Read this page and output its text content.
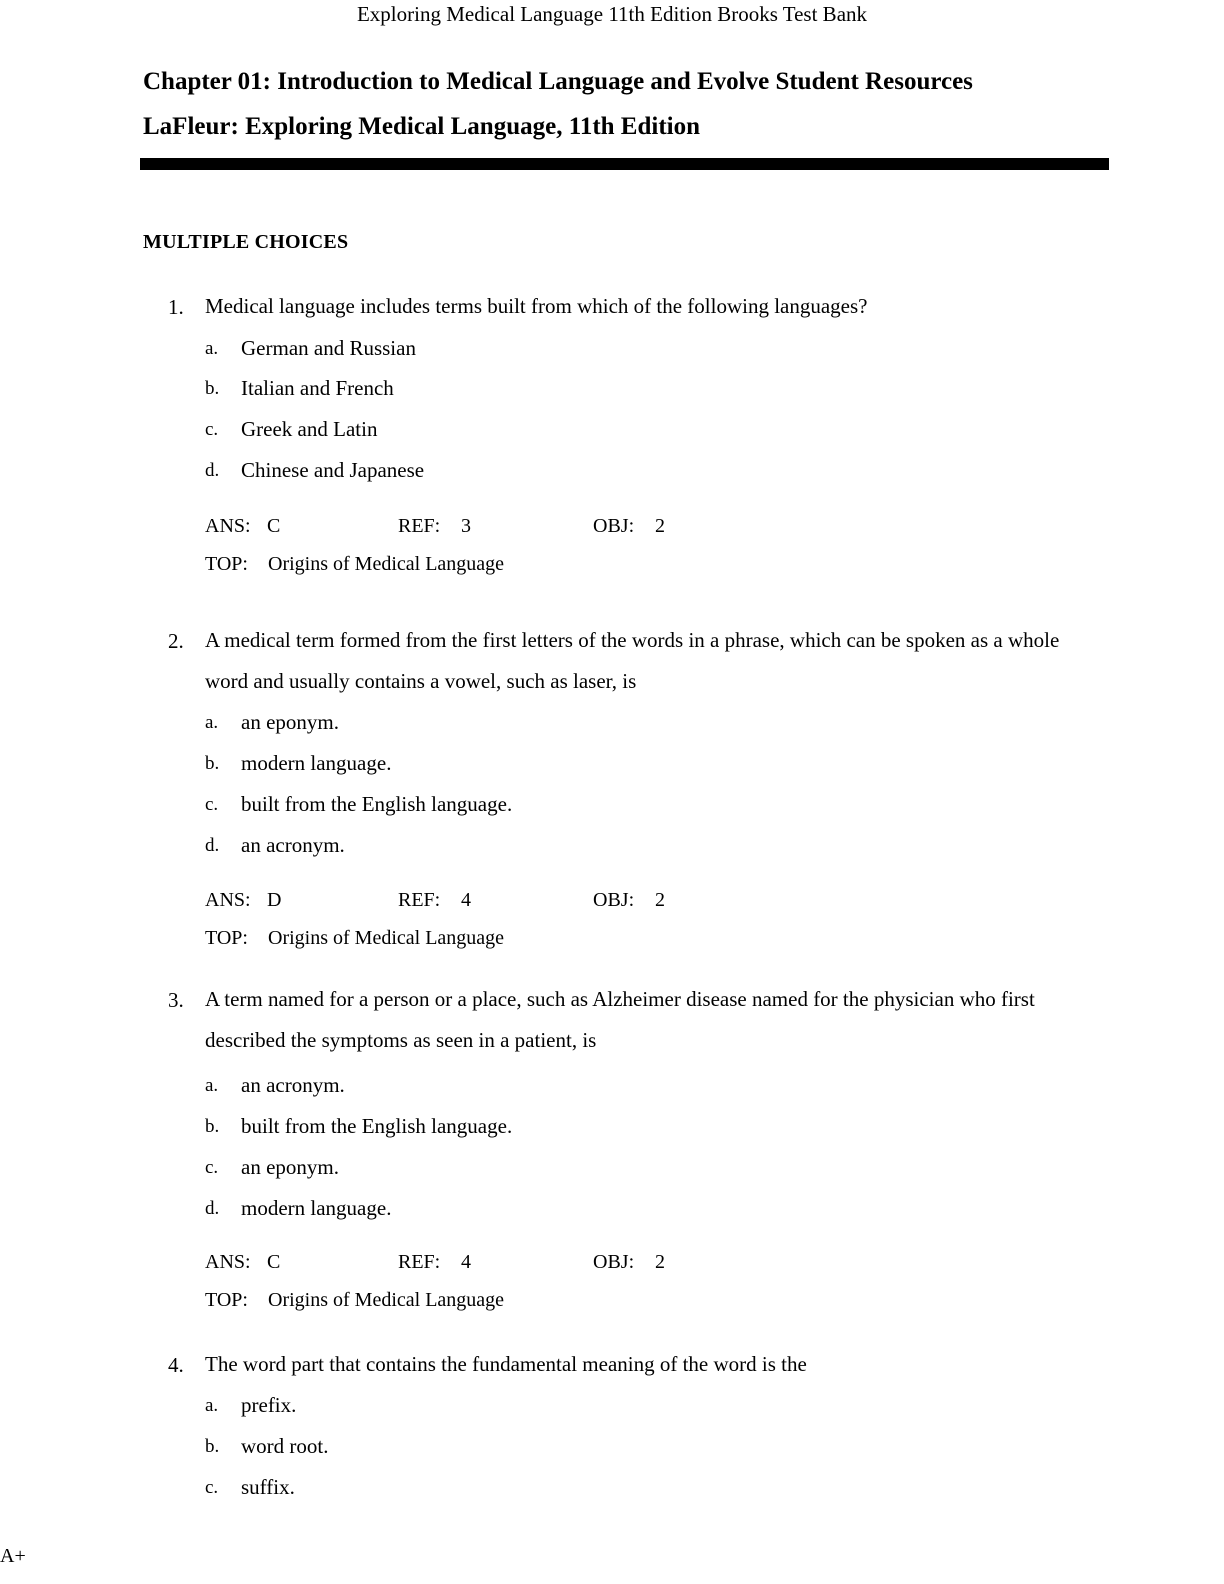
Exploring Medical Language 11th Edition Brooks Test Bank
Chapter 01: Introduction to Medical Language and Evolve Student Resources
LaFleur: Exploring Medical Language, 11th Edition
MULTIPLE CHOICES
1. Medical language includes terms built from which of the following languages?
a. German and Russian
b. Italian and French
c. Greek and Latin
d. Chinese and Japanese
ANS: C	REF: 3	OBJ: 2
TOP: Origins of Medical Language
2. A medical term formed from the first letters of the words in a phrase, which can be spoken as a whole word and usually contains a vowel, such as laser, is
a. an eponym.
b. modern language.
c. built from the English language.
d. an acronym.
ANS: D	REF: 4	OBJ: 2
TOP: Origins of Medical Language
3. A term named for a person or a place, such as Alzheimer disease named for the physician who first described the symptoms as seen in a patient, is
a. an acronym.
b. built from the English language.
c. an eponym.
d. modern language.
ANS: C	REF: 4	OBJ: 2
TOP: Origins of Medical Language
4. The word part that contains the fundamental meaning of the word is the
a. prefix.
b. word root.
c. suffix.
A+
